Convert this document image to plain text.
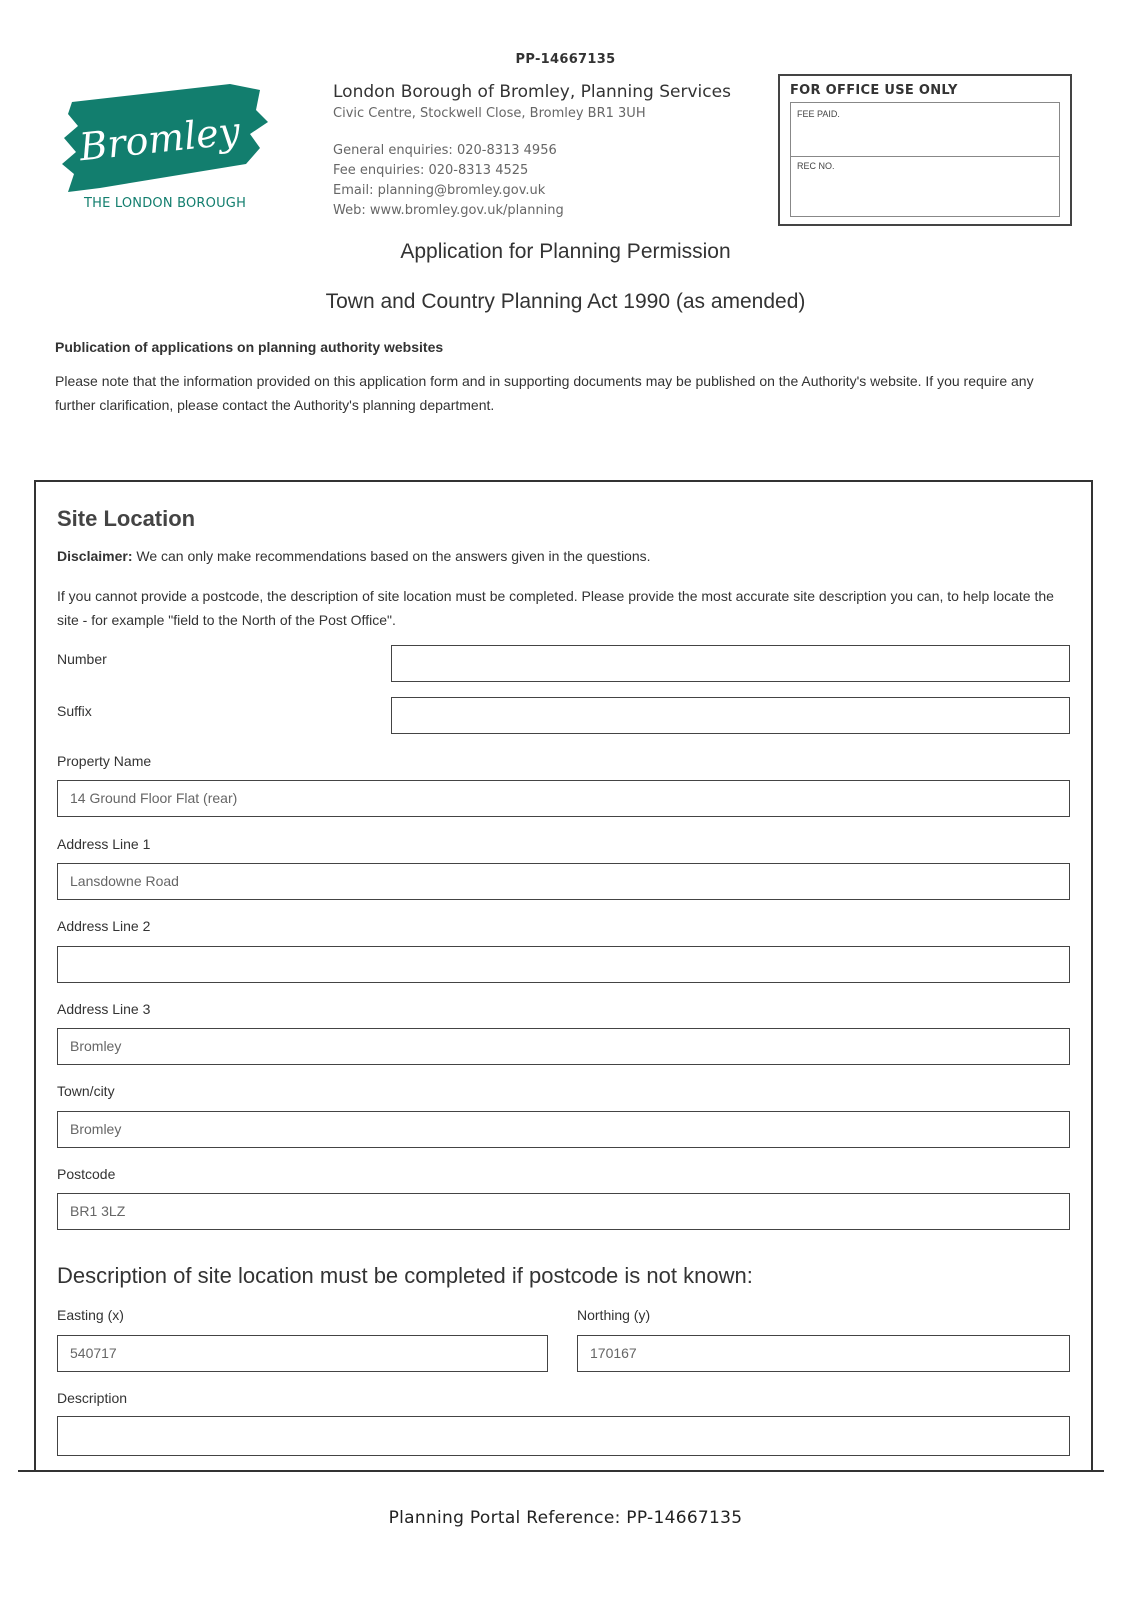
PP-14667135
Bromley
THE LONDON BOROUGH
London Borough of Bromley, Planning Services
Civic Centre, Stockwell Close, Bromley BR1 3UH
General enquiries: 020-8313 4956
Fee enquiries: 020-8313 4525
Email: planning@bromley.gov.uk
Web: www.bromley.gov.uk/planning
FOR OFFICE USE ONLY
FEE PAID.
REC NO.
Application for Planning Permission
Town and Country Planning Act 1990 (as amended)
Publication of applications on planning authority websites
Please note that the information provided on this application form and in supporting documents may be published on the Authority's website. If you require any further clarification, please contact the Authority's planning department.
Site Location
Disclaimer: We can only make recommendations based on the answers given in the questions.
If you cannot provide a postcode, the description of site location must be completed. Please provide the most accurate site description you can, to help locate the site - for example "field to the North of the Post Office".
Number
Suffix
Property Name
14 Ground Floor Flat (rear)
Address Line 1
Lansdowne Road
Address Line 2
Address Line 3
Bromley
Town/city
Bromley
Postcode
BR1 3LZ
Description of site location must be completed if postcode is not known:
Easting (x)
540717
Northing (y)
170167
Description
Planning Portal Reference: PP-14667135
